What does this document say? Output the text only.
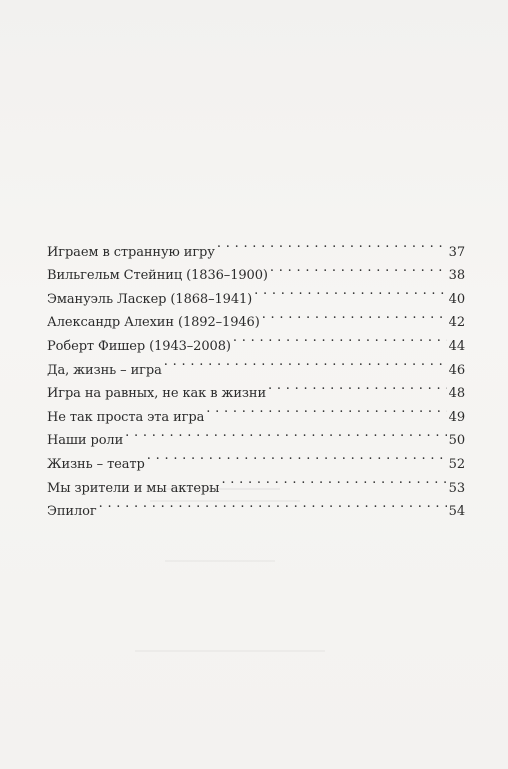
Играем в странную игру . . .	37
Вильгельм Стейниц (1836–1900) . . .	38
Эмануэль Ласкер (1868–1941) . . .	40
Александр Алехин (1892–1946) . . .	42
Роберт Фишер (1943–2008) . . .	44
Да, жизнь – игра . . .	46
Игра на равных, не как в жизни . . .	48
Не так проста эта игра . . .	49
Наши роли . . .	50
Жизнь – театр . . .	52
Мы зрители и мы актеры . . .	53
Эпилог . . .	54
